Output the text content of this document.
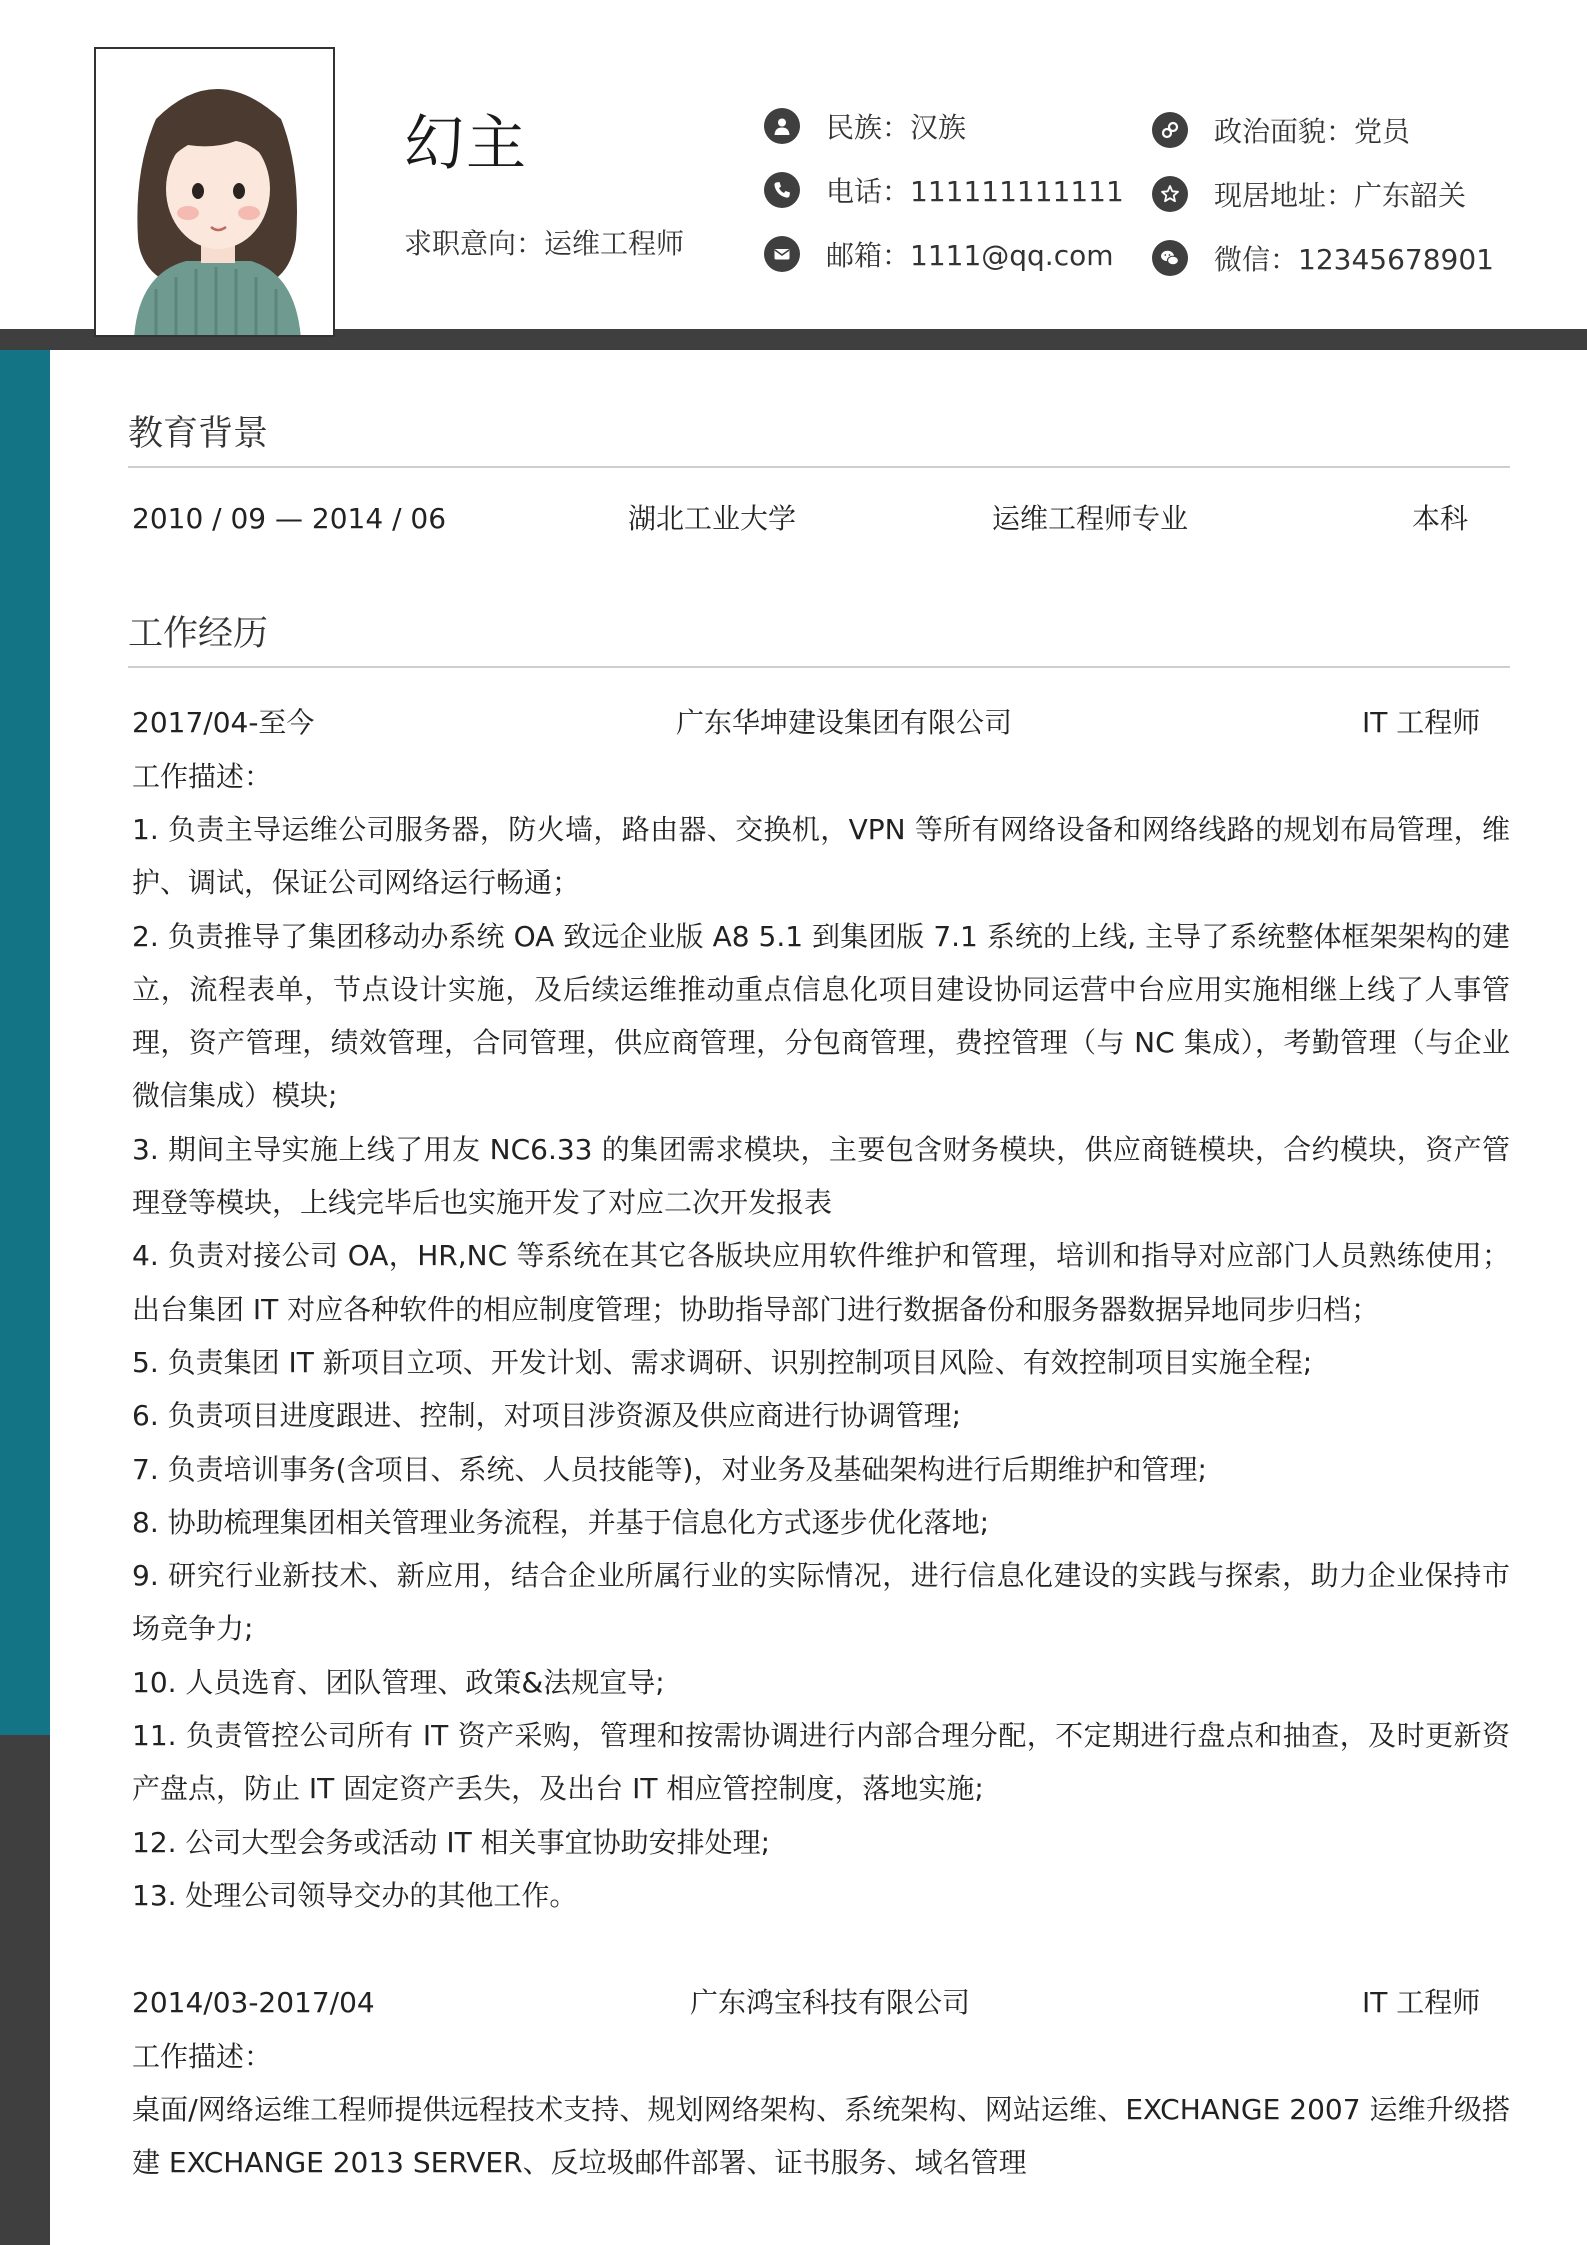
幻主
求职意向：运维工程师
民族：汉族
电话：111111111111
邮箱：1111@qq.com
政治面貌：党员
现居地址：广东韶关
微信：12345678901
教育背景
2010 / 09 — 2014 / 06	湖北工业大学	运维工程师专业	本科
工作经历
2017/04-至今	广东华坤建设集团有限公司	IT 工程师
工作描述：

1. 负责主导运维公司服务器，防火墙，路由器、交换机，VPN 等所有网络设备和网络线路的规划布局管理，维护、调试，保证公司网络运行畅通；

2. 负责推导了集团移动办系统 OA 致远企业版 A8 5.1 到集团版 7.1 系统的上线, 主导了系统整体框架架构的建立，流程表单，节点设计实施，及后续运维推动重点信息化项目建设协同运营中台应用实施相继上线了人事管理，资产管理，绩效管理，合同管理，供应商管理，分包商管理，费控管理（与 NC 集成），考勤管理（与企业微信集成）模块;

3. 期间主导实施上线了用友 NC6.33 的集团需求模块，主要包含财务模块，供应商链模块，合约模块，资产管理登等模块，上线完毕后也实施开发了对应二次开发报表

4. 负责对接公司 OA，HR,NC 等系统在其它各版块应用软件维护和管理，培训和指导对应部门人员熟练使用；出台集团 IT 对应各种软件的相应制度管理；协助指导部门进行数据备份和服务器数据异地同步归档；

5. 负责集团 IT 新项目立项、开发计划、需求调研、识别控制项目风险、有效控制项目实施全程;

6. 负责项目进度跟进、控制，对项目涉资源及供应商进行协调管理;

7. 负责培训事务(含项目、系统、人员技能等)，对业务及基础架构进行后期维护和管理;

8. 协助梳理集团相关管理业务流程，并基于信息化方式逐步优化落地;

9. 研究行业新技术、新应用，结合企业所属行业的实际情况，进行信息化建设的实践与探索，助力企业保持市场竞争力;

10. 人员选育、团队管理、政策&法规宣导;

11. 负责管控公司所有 IT 资产采购，管理和按需协调进行内部合理分配，不定期进行盘点和抽查，及时更新资产盘点，防止 IT 固定资产丢失，及出台 IT 相应管控制度，落地实施;

12. 公司大型会务或活动 IT 相关事宜协助安排处理;

13. 处理公司领导交办的其他工作。

2014/03-2017/04	广东鸿宝科技有限公司	IT 工程师
工作描述：

桌面/网络运维工程师提供远程技术支持、规划网络架构、系统架构、网站运维、EXCHANGE 2007 运维升级搭建 EXCHANGE 2013 SERVER、反垃圾邮件部署、证书服务、域名管理
